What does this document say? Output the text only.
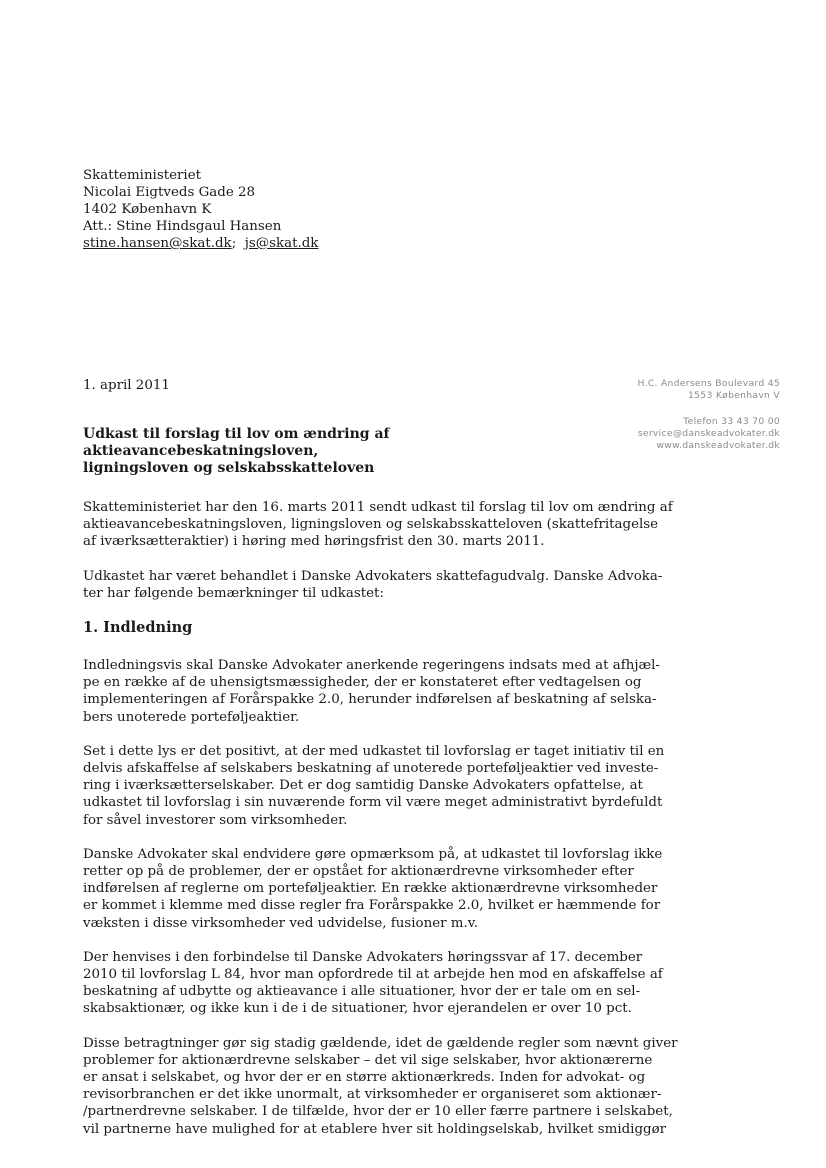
Skatteministeriet
Nicolai Eigtveds Gade 28
1402 København K
Att.: Stine Hindsgaul Hansen
stine.hansen@skat.dk; js@skat.dk
1. april 2011	H.C. Andersens Boulevard 45
1553 København V
Telefon 33 43 70 00
service@danskeadvokater.dk
www.danskeadvokater.dk
Udkast til forslag til lov om ændring af aktieavancebeskatningsloven,
ligningsloven og selskabsskatteloven

Skatteministeriet har den 16. marts 2011 sendt udkast til forslag til lov om ændring af
aktieavancebeskatningsloven, ligningsloven og selskabsskatteloven (skattefritagelse
af iværksætteraktier) i høring med høringsfrist den 30. marts 2011.

Udkastet har været behandlet i Danske Advokaters skattefagudvalg. Danske Advoka-
ter har følgende bemærkninger til udkastet:

1. Indledning

Indledningsvis skal Danske Advokater anerkende regeringens indsats med at afhjæl-
pe en række af de uhensigtsmæssigheder, der er konstateret efter vedtagelsen og
implementeringen af Forårspakke 2.0, herunder indførelsen af beskatning af selska-
bers unoterede porteføljeaktier.

Set i dette lys er det positivt, at der med udkastet til lovforslag er taget initiativ til en
delvis afskaffelse af selskabers beskatning af unoterede porteføljeaktier ved investe-
ring i iværksætterselskaber. Det er dog samtidig Danske Advokaters opfattelse, at
udkastet til lovforslag i sin nuværende form vil være meget administrativt byrdefuldt
for såvel investorer som virksomheder.

Danske Advokater skal endvidere gøre opmærksom på, at udkastet til lovforslag ikke
retter op på de problemer, der er opstået for aktionærdrevne virksomheder efter
indførelsen af reglerne om porteføljeaktier. En række aktionærdrevne virksomheder
er kommet i klemme med disse regler fra Forårspakke 2.0, hvilket er hæmmende for
væksten i disse virksomheder ved udvidelse, fusioner m.v.

Der henvises i den forbindelse til Danske Advokaters høringssvar af 17. december
2010 til lovforslag L 84, hvor man opfordrede til at arbejde hen mod en afskaffelse af
beskatning af udbytte og aktieavance i alle situationer, hvor der er tale om en sel-
skabsaktionær, og ikke kun i de i de situationer, hvor ejerandelen er over 10 pct.

Disse betragtninger gør sig stadig gældende, idet de gældende regler som nævnt giver
problemer for aktionærdrevne selskaber – det vil sige selskaber, hvor aktionærerne
er ansat i selskabet, og hvor der er en større aktionærkreds. Inden for advokat- og
revisorbranchen er det ikke unormalt, at virksomheder er organiseret som aktionær-
/partnerdrevne selskaber. I de tilfælde, hvor der er 10 eller færre partnere i selskabet,
vil partnerne have mulighed for at etablere hver sit holdingselskab, hvilket smidiggør
